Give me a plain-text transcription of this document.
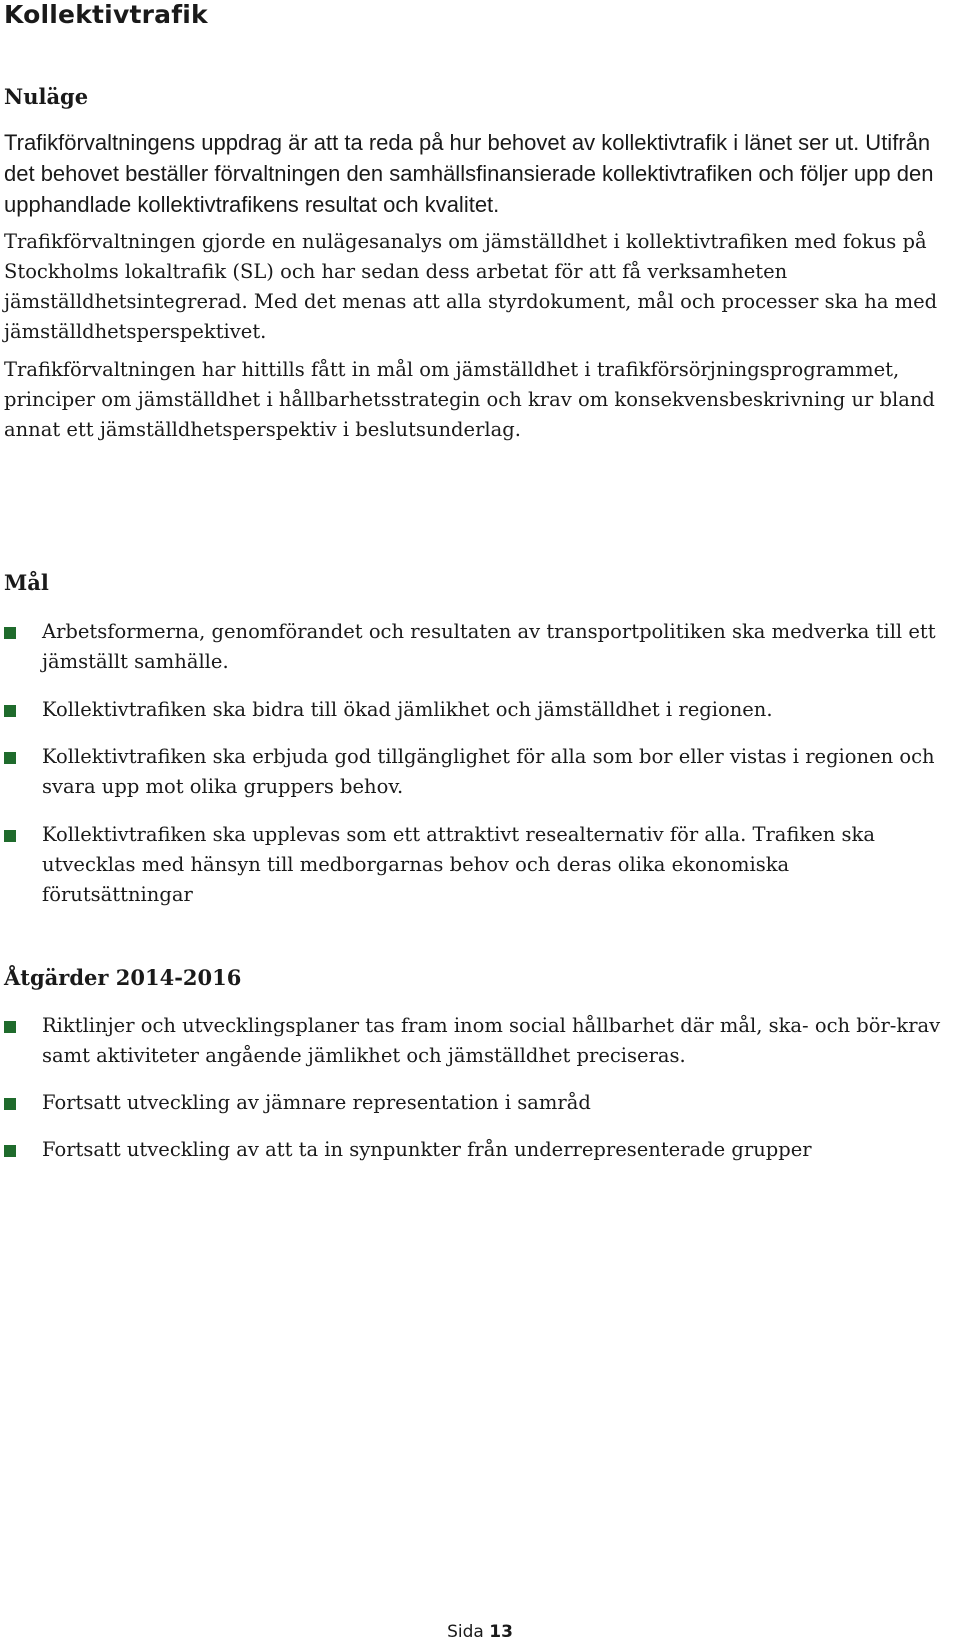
Kollektivtrafik
Nuläge

Trafikförvaltningens uppdrag är att ta reda på hur behovet av kollektivtrafik i länet ser ut. Utifrån det behovet beställer förvaltningen den samhällsfinansierade kollektivtrafiken och följer upp den upphandlade kollektivtrafikens resultat och kvalitet.

Trafikförvaltningen gjorde en nulägesanalys om jämställdhet i kollektivtrafiken med fokus på Stockholms lokaltrafik (SL) och har sedan dess arbetat för att få verksamheten jämställdhetsintegrerad. Med det menas att alla styrdokument, mål och processer ska ha med jämställdhetsperspektivet.

Trafikförvaltningen har hittills fått in mål om jämställdhet i trafikförsörjningsprogrammet, principer om jämställdhet i hållbarhetsstrategin och krav om konsekvensbeskrivning ur bland annat ett jämställdhetsperspektiv i beslutsunderlag.

Mål
Arbetsformerna, genomförandet och resultaten av transportpolitiken ska medverka till ett jämställt samhälle.
Kollektivtrafiken ska bidra till ökad jämlikhet och jämställdhet i regionen.
Kollektivtrafiken ska erbjuda god tillgänglighet för alla som bor eller vistas i regionen och svara upp mot olika gruppers behov.
Kollektivtrafiken ska upplevas som ett attraktivt resealternativ för alla. Trafiken ska utvecklas med hänsyn till medborgarnas behov och deras olika ekonomiska förutsättningar
Åtgärder 2014-2016
Riktlinjer och utvecklingsplaner tas fram inom social hållbarhet där mål, ska- och bör-krav samt aktiviteter angående jämlikhet och jämställdhet preciseras.
Fortsatt utveckling av jämnare representation i samråd
Fortsatt utveckling av att ta in synpunkter från underrepresenterade grupper
Sida 13
